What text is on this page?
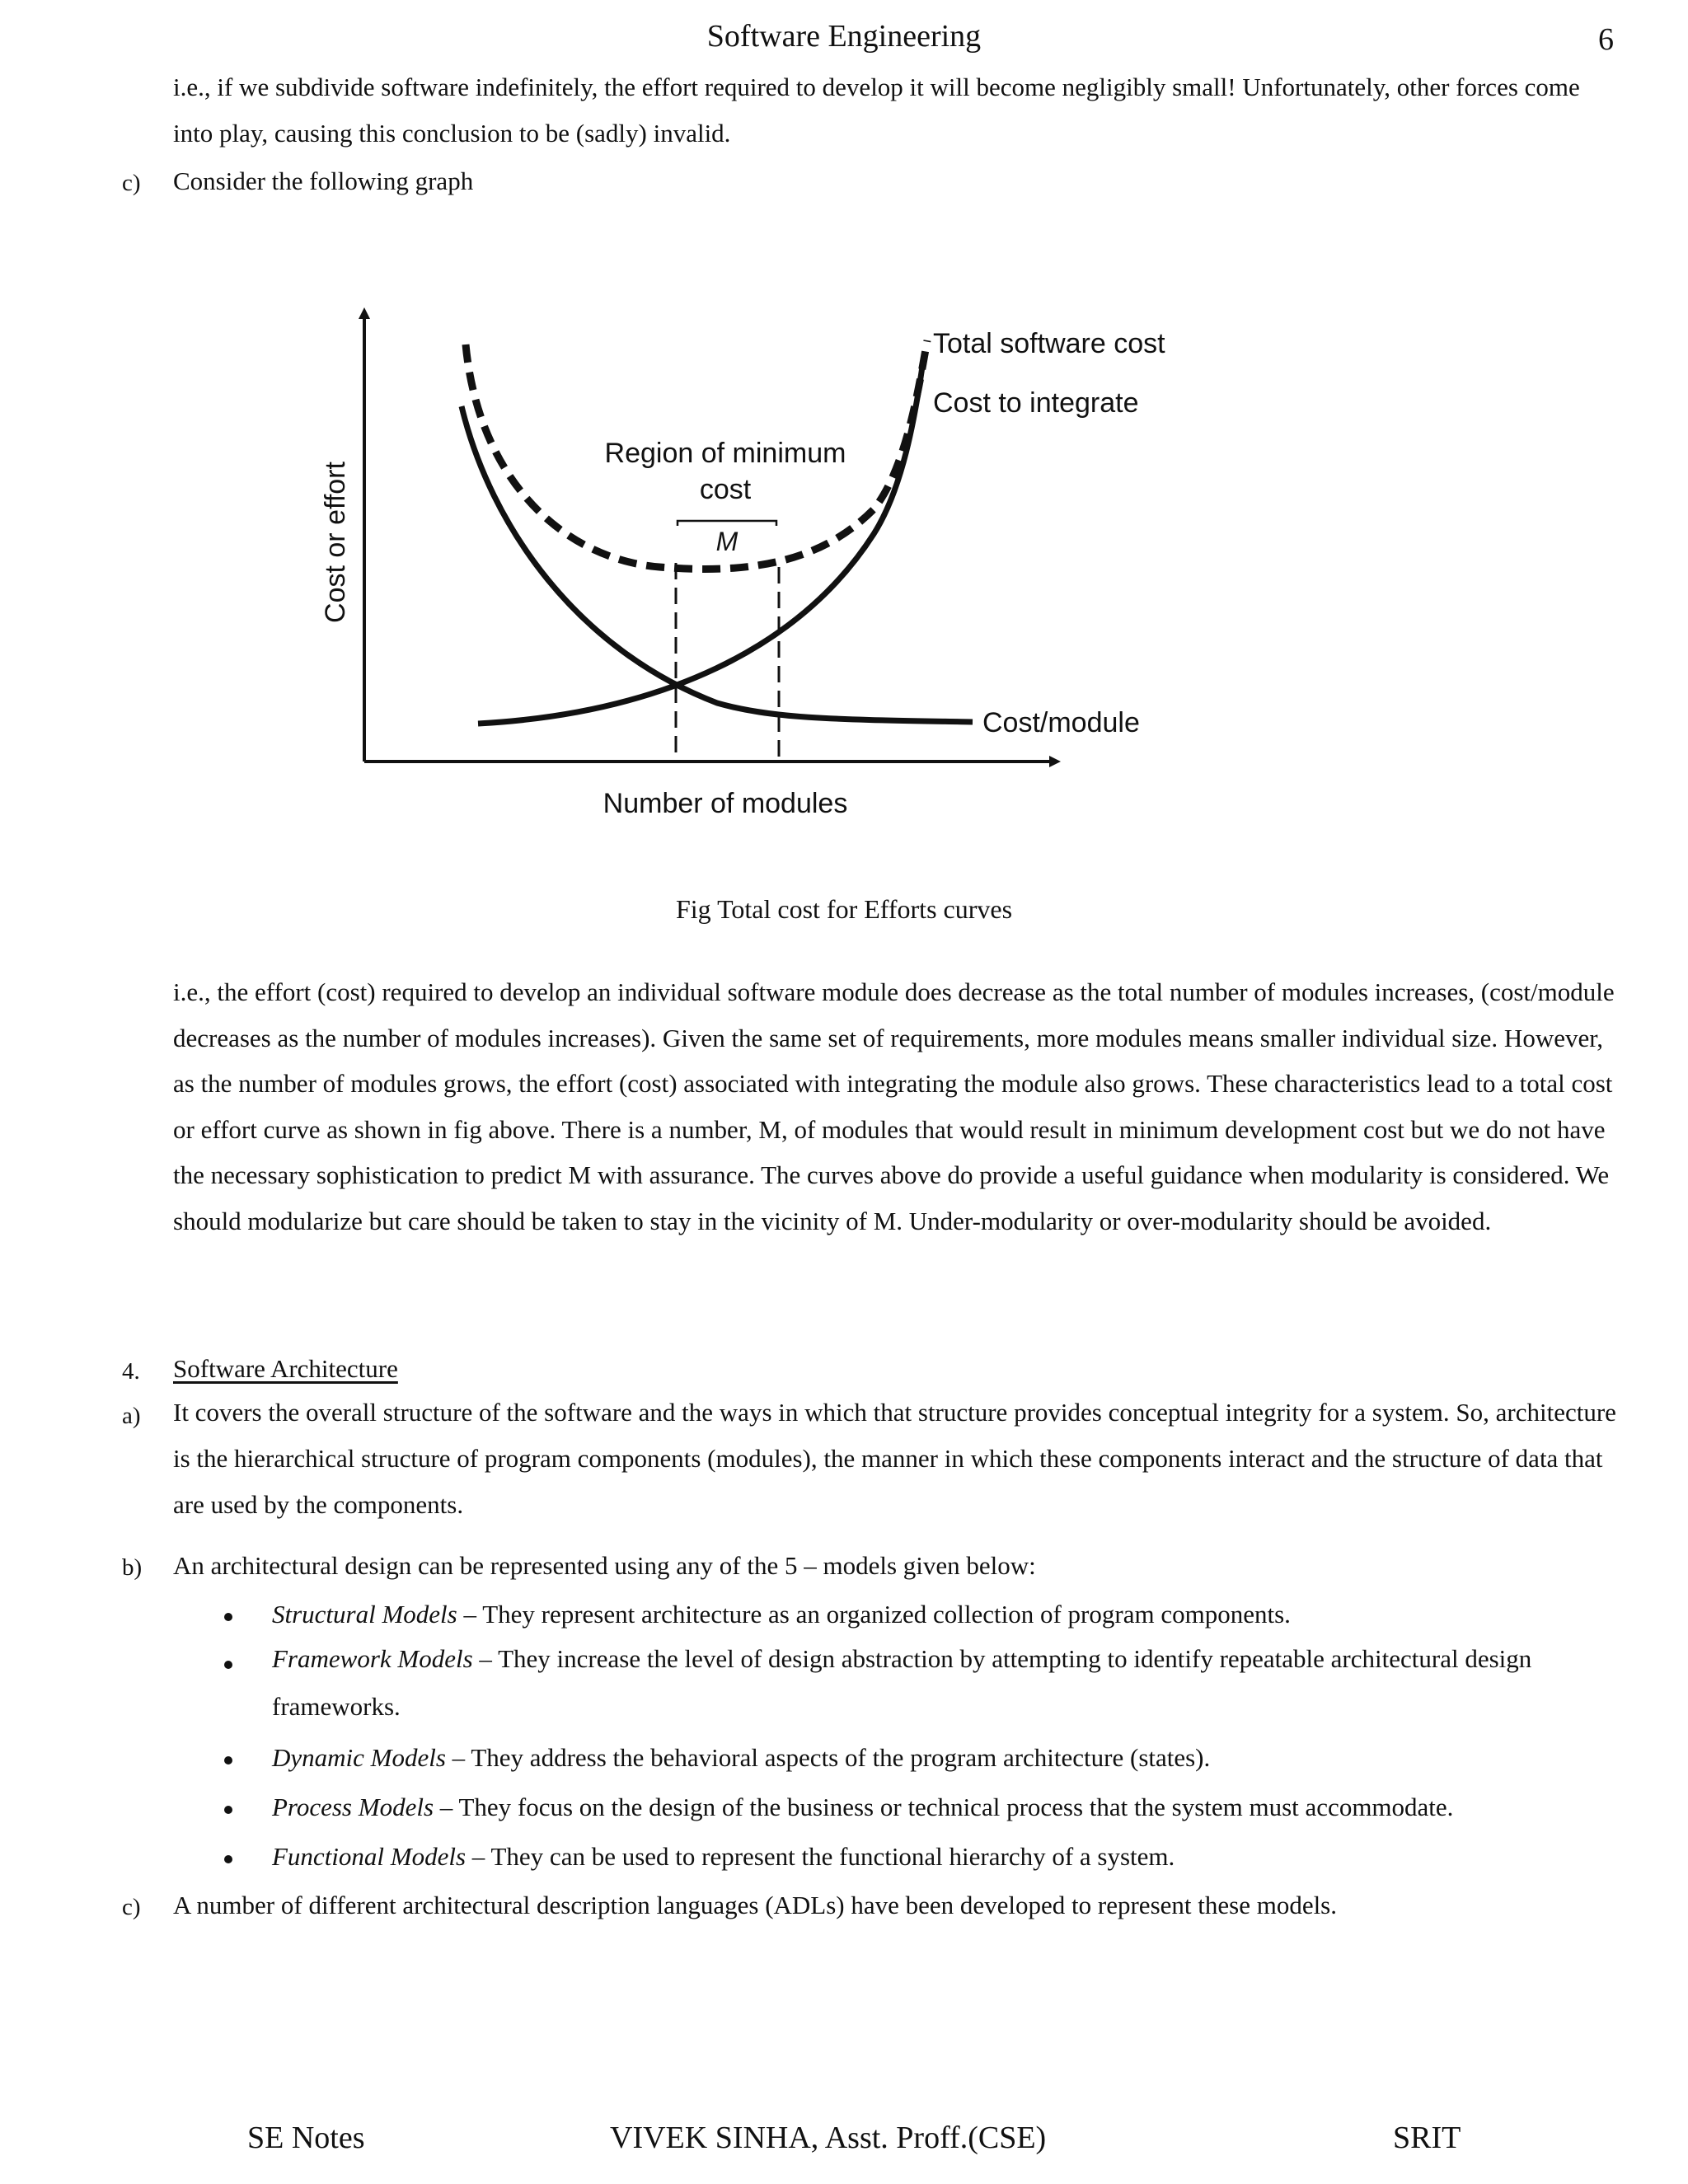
Software Engineering	6
i.e., if we subdivide software indefinitely, the effort required to develop it will become negligibly small! Unfortunately, other forces come into play, causing this conclusion to be (sadly) invalid.
c) Consider the following graph
Region of minimum
cost
M
Total software cost
Cost to integrate
Cost/module
Number of modules
Cost or effort
Fig Total cost for Efforts curves
i.e., the effort (cost) required to develop an individual software module does decrease as the total number of modules increases, (cost/module decreases as the number of modules increases). Given the same set of requirements, more modules means smaller individual size. However, as the number of modules grows, the effort (cost) associated with integrating the module also grows. These characteristics lead to a total cost or effort curve as shown in fig above. There is a number, M, of modules that would result in minimum development cost but we do not have the necessary sophistication to predict M with assurance. The curves above do provide a useful guidance when modularity is considered. We should modularize but care should be taken to stay in the vicinity of M. Under-modularity or over-modularity should be avoided.
4. Software Architecture
a) It covers the overall structure of the software and the ways in which that structure provides conceptual integrity for a system. So, architecture is the hierarchical structure of program components (modules), the manner in which these components interact and the structure of data that are used by the components.
b) An architectural design can be represented using any of the 5 – models given below:
Structural Models – They represent architecture as an organized collection of program components.
Framework Models – They increase the level of design abstraction by attempting to identify repeatable architectural design frameworks.
Dynamic Models – They address the behavioral aspects of the program architecture (states).
Process Models – They focus on the design of the business or technical process that the system must accommodate.
Functional Models – They can be used to represent the functional hierarchy of a system.
c) A number of different architectural description languages (ADLs) have been developed to represent these models.
SE Notes	VIVEK SINHA, Asst. Proff.(CSE)	SRIT
